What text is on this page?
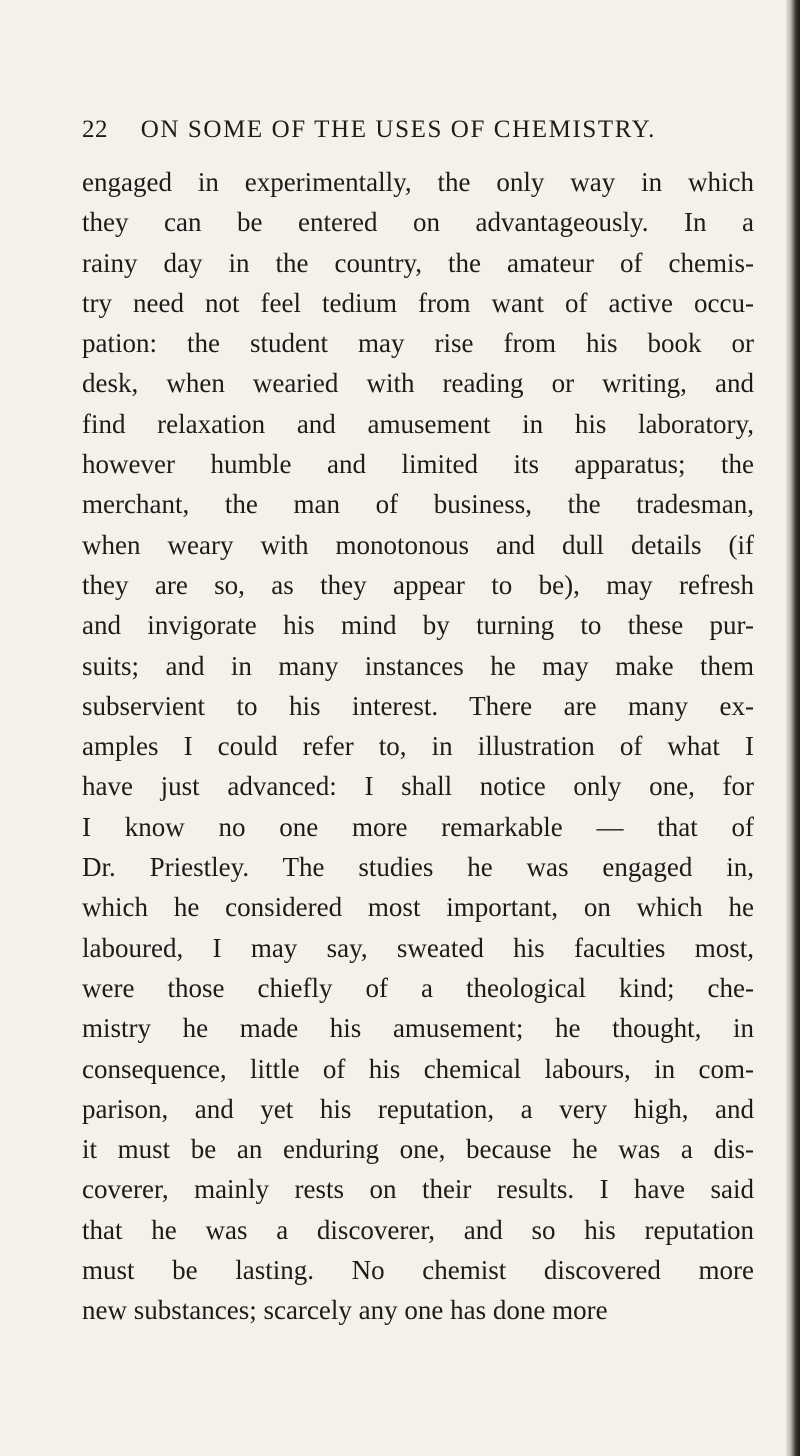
22 ON SOME OF THE USES OF CHEMISTRY.
engaged in experimentally, the only way in which
they can be entered on advantageously. In a
rainy day in the country, the amateur of chemis-
try need not feel tedium from want of active occu-
pation: the student may rise from his book or
desk, when wearied with reading or writing, and
find relaxation and amusement in his laboratory,
however humble and limited its apparatus; the
merchant, the man of business, the tradesman,
when weary with monotonous and dull details (if
they are so, as they appear to be), may refresh
and invigorate his mind by turning to these pur-
suits; and in many instances he may make them
subservient to his interest. There are many ex-
amples I could refer to, in illustration of what I
have just advanced: I shall notice only one, for
I know no one more remarkable — that of
Dr. Priestley. The studies he was engaged in,
which he considered most important, on which he
laboured, I may say, sweated his faculties most,
were those chiefly of a theological kind; che-
mistry he made his amusement; he thought, in
consequence, little of his chemical labours, in com-
parison, and yet his reputation, a very high, and
it must be an enduring one, because he was a dis-
coverer, mainly rests on their results. I have said
that he was a discoverer, and so his reputation
must be lasting. No chemist discovered more
new substances; scarcely any one has done more
